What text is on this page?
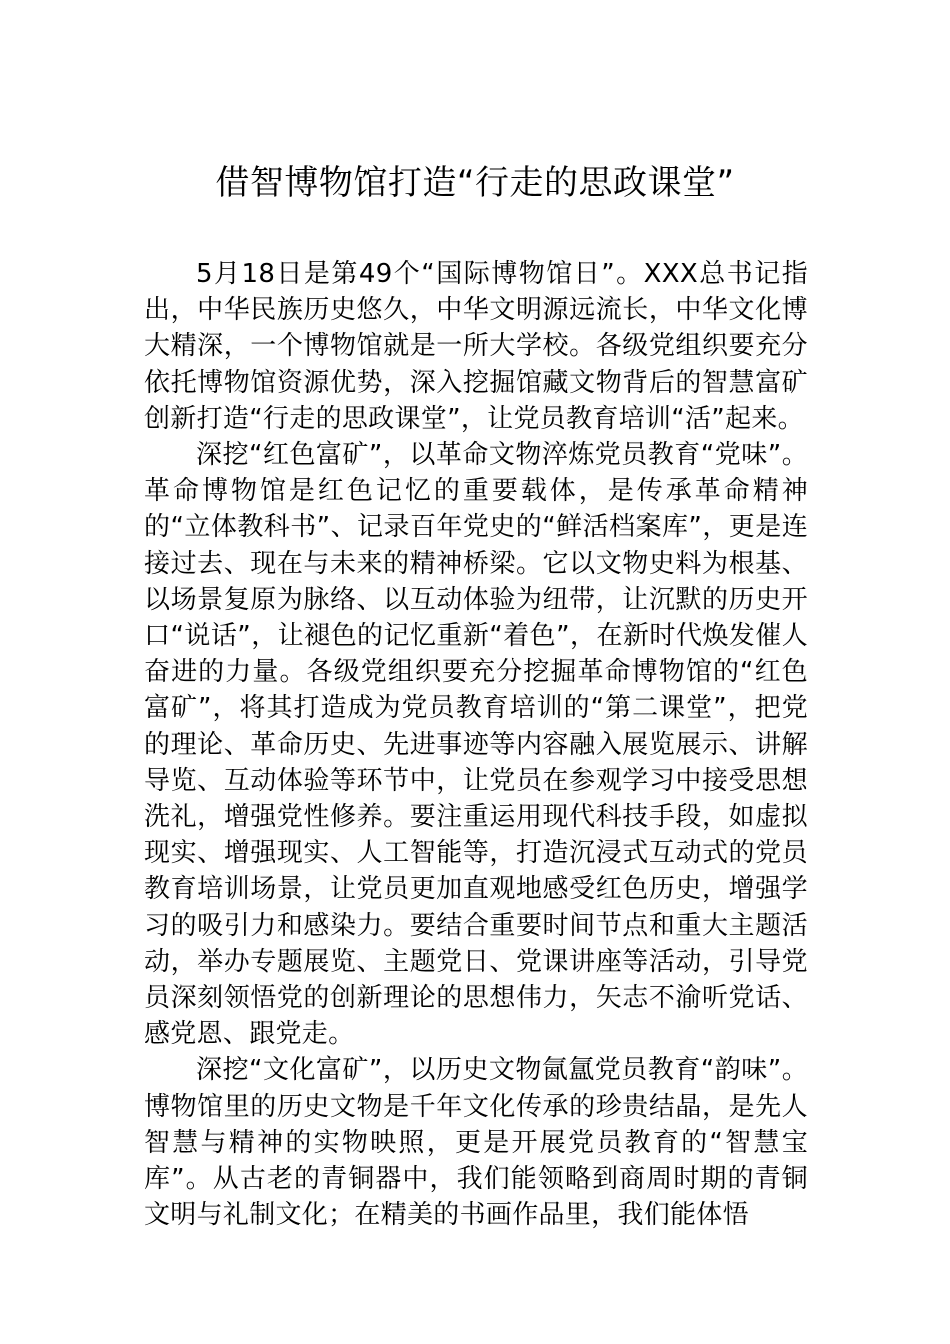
借智博物馆打造“行走的思政课堂”

5月18日是第49个“国际博物馆日”。XXX总书记指出，中华民族历史悠久，中华文明源远流长，中华文化博大精深，一个博物馆就是一所大学校。各级党组织要充分依托博物馆资源优势，深入挖掘馆藏文物背后的智慧富矿创新打造“行走的思政课堂”，让党员教育培训“活”起来。

深挖“红色富矿”，以革命文物淬炼党员教育“党味”。革命博物馆是红色记忆的重要载体，是传承革命精神的“立体教科书”、记录百年党史的“鲜活档案库”，更是连接过去、现在与未来的精神桥梁。它以文物史料为根基、以场景复原为脉络、以互动体验为纽带，让沉默的历史开口“说话”，让褪色的记忆重新“着色”，在新时代焕发催人奋进的力量。各级党组织要充分挖掘革命博物馆的“红色富矿”，将其打造成为党员教育培训的“第二课堂”，把党的理论、革命历史、先进事迹等内容融入展览展示、讲解导览、互动体验等环节中，让党员在参观学习中接受思想洗礼，增强党性修养。要注重运用现代科技手段，如虚拟现实、增强现实、人工智能等，打造沉浸式互动式的党员教育培训场景，让党员更加直观地感受红色历史，增强学习的吸引力和感染力。要结合重要时间节点和重大主题活动，举办专题展览、主题党日、党课讲座等活动，引导党员深刻领悟党的创新理论的思想伟力，矢志不渝听党话、感党恩、跟党走。

深挖“文化富矿”，以历史文物氤氲党员教育“韵味”。博物馆里的历史文物是千年文化传承的珍贵结晶，是先人智慧与精神的实物映照，更是开展党员教育的“智慧宝库”。从古老的青铜器中，我们能领略到商周时期的青铜文明与礼制文化；在精美的书画作品里，我们能体悟
